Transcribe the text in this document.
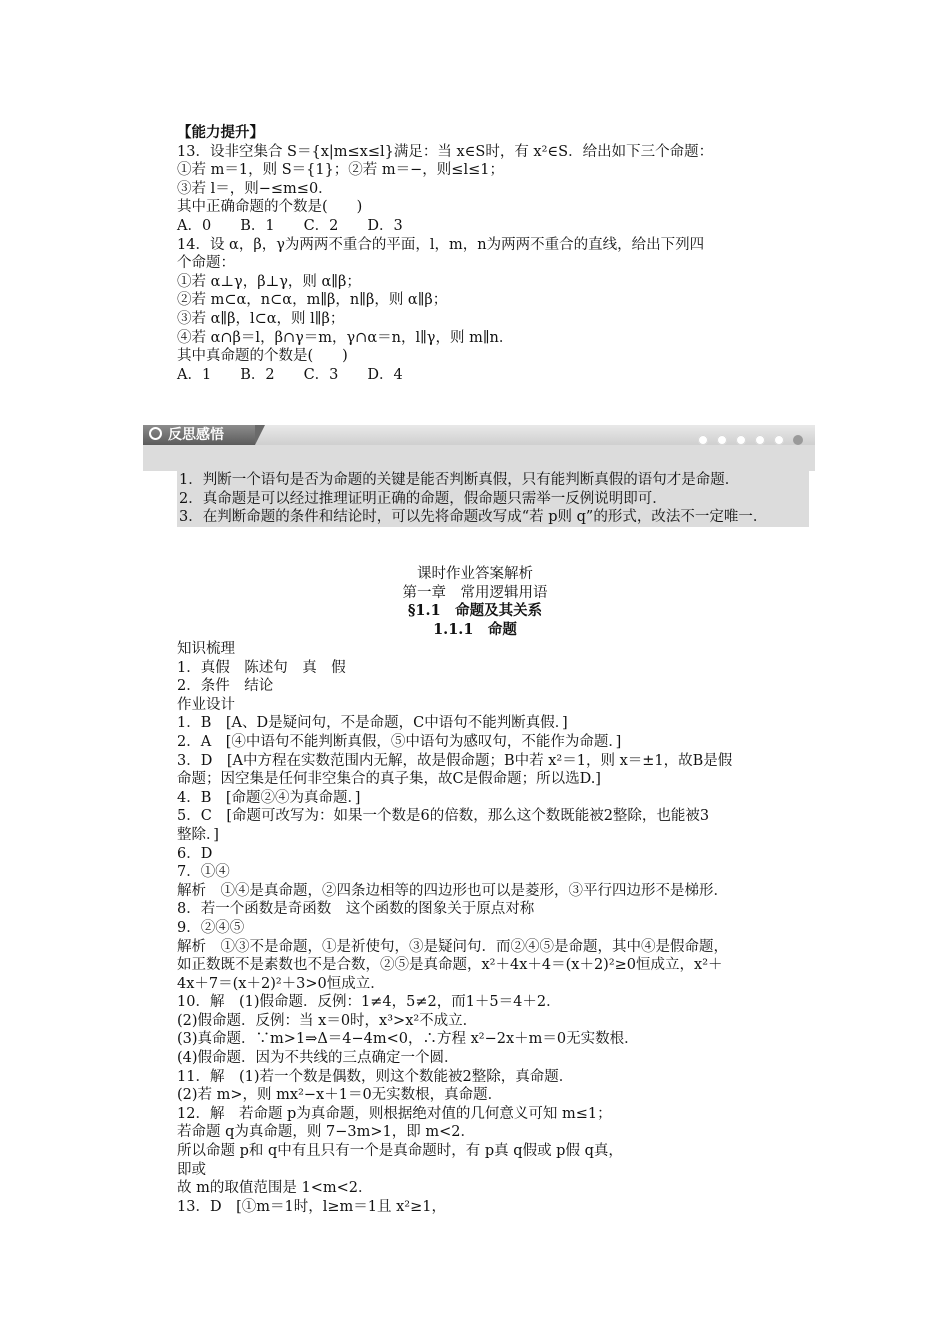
【能力提升】
13．设非空集合 S＝{x|m≤x≤l}满足：当 x∈S时，有 x²∈S．给出如下三个命题：
①若 m＝1，则 S＝{1}；②若 m＝−，则≤l≤1；
③若 l＝，则−≤m≤0．
其中正确命题的个数是(　　)
A．0　　B．1　　C．2　　D．3
14．设 α，β，γ为两两不重合的平面，l，m，n为两两不重合的直线，给出下列四
个命题：
①若 α⊥γ，β⊥γ，则 α∥β；
②若 m⊂α，n⊂α，m∥β，n∥β，则 α∥β；
③若 α∥β，l⊂α，则 l∥β；
④若 α∩β＝l，β∩γ＝m，γ∩α＝n，l∥γ，则 m∥n．
其中真命题的个数是(　　)
A．1　　B．2　　C．3　　D．4
反思感悟
1．判断一个语句是否为命题的关键是能否判断真假，只有能判断真假的语句才是命题．
2．真命题是可以经过推理证明正确的命题，假命题只需举一反例说明即可．
3．在判断命题的条件和结论时，可以先将命题改写成“若 p则 q”的形式，改法不一定唯一．
课时作业答案解析
第一章　常用逻辑用语
§1.1　命题及其关系
1.1.1　命题
知识梳理
1．真假　陈述句　真　假
2．条件　结论
作业设计
1．B　[A、D是疑问句，不是命题，C中语句不能判断真假．]
2．A　[④中语句不能判断真假，⑤中语句为感叹句，不能作为命题．]
3．D　[A中方程在实数范围内无解，故是假命题；B中若 x²＝1，则 x＝±1，故B是假
命题；因空集是任何非空集合的真子集，故C是假命题；所以选D.]
4．B　[命题②④为真命题．]
5．C　[命题可改写为：如果一个数是6的倍数，那么这个数既能被2整除，也能被3
整除．]
6．D
7．①④
解析　①④是真命题，②四条边相等的四边形也可以是菱形，③平行四边形不是梯形．
8．若一个函数是奇函数　这个函数的图象关于原点对称
9．②④⑤
解析　①③不是命题，①是祈使句，③是疑问句．而②④⑤是命题，其中④是假命题，
如正数既不是素数也不是合数，②⑤是真命题，x²＋4x＋4＝(x＋2)²≥0恒成立，x²＋
4x＋7＝(x＋2)²＋3>0恒成立．
10．解　(1)假命题．反例：1≠4，5≠2，而1＋5＝4＋2．
(2)假命题．反例：当 x＝0时，x³>x²不成立．
(3)真命题．∵m>1⇒Δ＝4−4m<0，∴方程 x²−2x＋m＝0无实数根．
(4)假命题．因为不共线的三点确定一个圆．
11．解　(1)若一个数是偶数，则这个数能被2整除，真命题．
(2)若 m>，则 mx²−x＋1＝0无实数根，真命题．
12．解　若命题 p为真命题，则根据绝对值的几何意义可知 m≤1；
若命题 q为真命题，则 7−3m>1，即 m<2．
所以命题 p和 q中有且只有一个是真命题时，有 p真 q假或 p假 q真，
即或
故 m的取值范围是 1<m<2．
13．D　[①m＝1时，l≥m＝1且 x²≥1，
